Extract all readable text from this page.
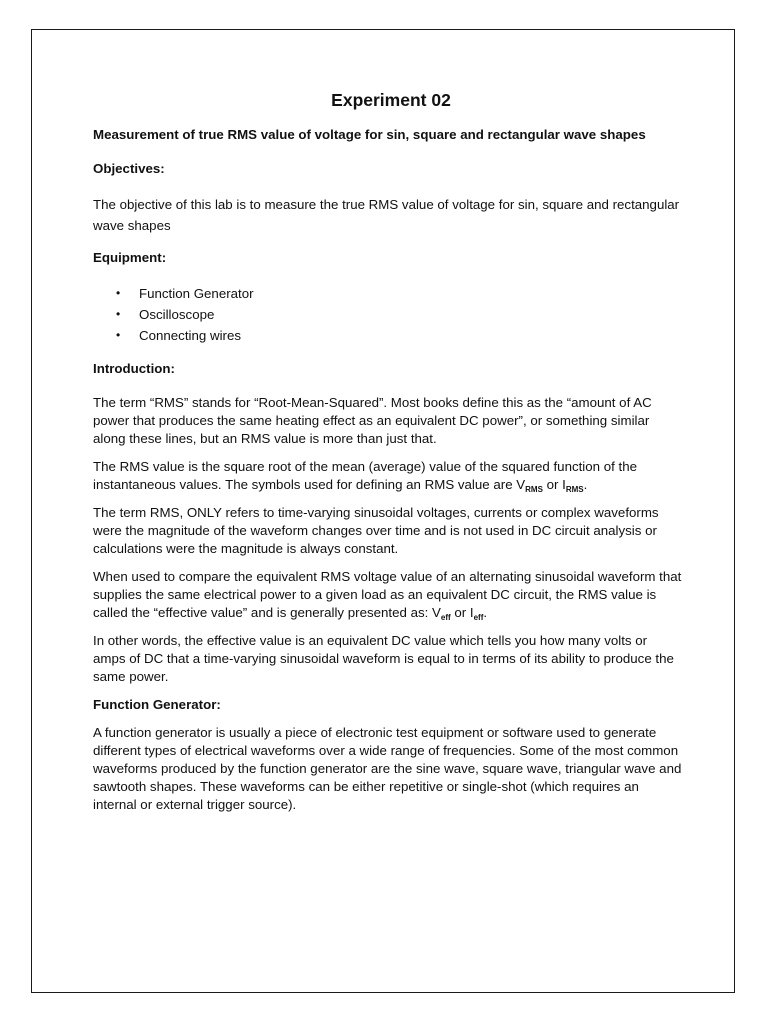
Experiment 02

Measurement of true RMS value of voltage for sin, square and rectangular wave shapes

Objectives:

The objective of this lab is to measure the true RMS value of voltage for sin, square and rectangular wave shapes

Equipment:

• Function Generator
• Oscilloscope
• Connecting wires

Introduction:

The term “RMS” stands for “Root-Mean-Squared”. Most books define this as the “amount of AC power that produces the same heating effect as an equivalent DC power”, or something similar along these lines, but an RMS value is more than just that.

The RMS value is the square root of the mean (average) value of the squared function of the instantaneous values. The symbols used for defining an RMS value are $V_{RMS}$ or $I_{RMS}$.

The term RMS, ONLY refers to time-varying sinusoidal voltages, currents or complex waveforms were the magnitude of the waveform changes over time and is not used in DC circuit analysis or calculations were the magnitude is always constant.

When used to compare the equivalent RMS voltage value of an alternating sinusoidal waveform that supplies the same electrical power to a given load as an equivalent DC circuit, the RMS value is called the “effective value” and is generally presented as: $V_{eff}$ or $I_{eff}$.

In other words, the effective value is an equivalent DC value which tells you how many volts or amps of DC that a time-varying sinusoidal waveform is equal to in terms of its ability to produce the same power.

Function Generator:

A function generator is usually a piece of electronic test equipment or software used to generate different types of electrical waveforms over a wide range of frequencies. Some of the most common waveforms produced by the function generator are the sine wave, square wave, triangular wave and sawtooth shapes. These waveforms can be either repetitive or single-shot (which requires an internal or external trigger source).
